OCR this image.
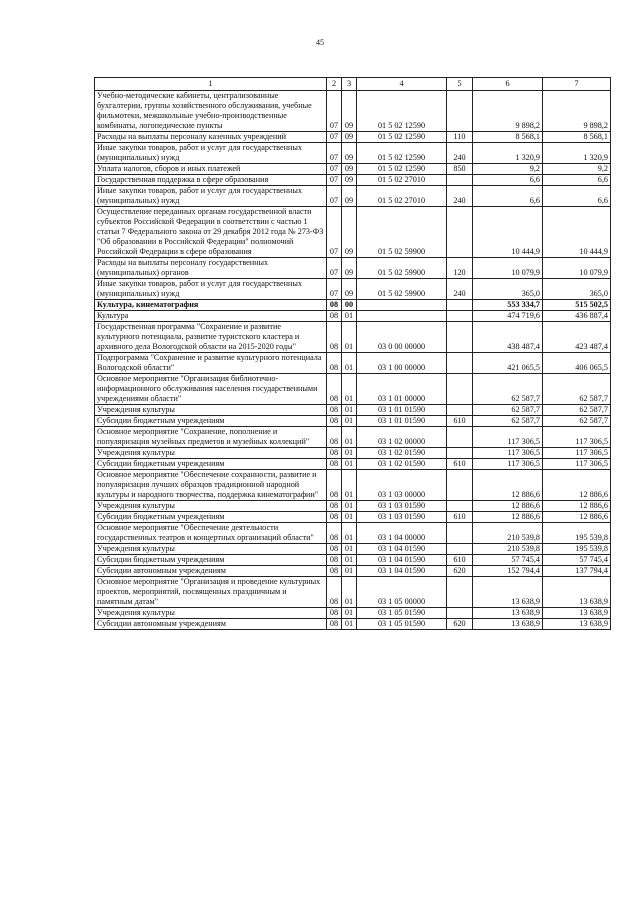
45
1	2	3	4	5	6	7
Учебно-методические кабинеты, централизованные бухгалтерии, группы хозяйственного обслуживания, учебные фильмотеки, межшкольные учебно-производственные комбинаты, логопедические пункты	07	09	01 5 02 12590		9 898,2	9 898,2
Расходы на выплаты персоналу казенных учреждений	07	09	01 5 02 12590	110	8 568,1	8 568,1
Иные закупки товаров, работ и услуг для государственных (муниципальных) нужд	07	09	01 5 02 12590	240	1 320,9	1 320,9
Уплата налогов, сборов и иных платежей	07	09	01 5 02 12590	850	9,2	9,2
Государственная поддержка в сфере образования	07	09	01 5 02 27010		6,6	6,6
Иные закупки товаров, работ и услуг для государственных (муниципальных) нужд	07	09	01 5 02 27010	240	6,6	6,6
Осуществление переданных органам государственной власти субъектов Российской Федерации в соответствии с частью 1 статьи 7 Федерального закона от 29 декабря 2012 года № 273-ФЗ "Об образовании в Российской Федерации" полномочий Российской Федерации в сфере образования	07	09	01 5 02 59900		10 444,9	10 444,9
Расходы на выплаты персоналу государственных (муниципальных) органов	07	09	01 5 02 59900	120	10 079,9	10 079,9
Иные закупки товаров, работ и услуг для государственных (муниципальных) нужд	07	09	01 5 02 59900	240	365,0	365,0
Культура, кинематография	08	00			553 334,7	515 502,5
Культура	08	01			474 719,6	436 887,4
Государственная программа "Сохранение и развитие культурного потенциала, развитие туристского кластера и архивного дела Вологодской области на 2015-2020 годы"	08	01	03 0 00 00000		438 487,4	423 487,4
Подпрограмма "Сохранение и развитие культурного потенциала Вологодской области"	08	01	03 1 00 00000		421 065,5	406 065,5
Основное мероприятие "Организация библиотечно-информационного обслуживания населения государственными учреждениями области"	08	01	03 1 01 00000		62 587,7	62 587,7
Учреждения культуры	08	01	03 1 01 01590		62 587,7	62 587,7
Субсидии бюджетным учреждениям	08	01	03 1 01 01590	610	62 587,7	62 587,7
Основное мероприятие "Сохранение, пополнение и популяризация музейных предметов и музейных коллекций"	08	01	03 1 02 00000		117 306,5	117 306,5
Учреждения культуры	08	01	03 1 02 01590		117 306,5	117 306,5
Субсидии бюджетным учреждениям	08	01	03 1 02 01590	610	117 306,5	117 306,5
Основное мероприятие "Обеспечение сохранности, развитие и популяризация лучших образцов традиционной народной культуры и народного творчества, поддержка кинематографии"	08	01	03 1 03 00000		12 886,6	12 886,6
Учреждения культуры	08	01	03 1 03 01590		12 886,6	12 886,6
Субсидии бюджетным учреждениям	08	01	03 1 03 01590	610	12 886,6	12 886,6
Основное мероприятие "Обеспечение деятельности государственных театров и концертных организаций области"	08	01	03 1 04 00000		210 539,8	195 539,8
Учреждения культуры	08	01	03 1 04 01590		210 539,8	195 539,8
Субсидии бюджетным учреждениям	08	01	03 1 04 01590	610	57 745,4	57 745,4
Субсидии автономным учреждениям	08	01	03 1 04 01590	620	152 794,4	137 794,4
Основное мероприятие "Организация и проведение культурных проектов, мероприятий, посвященных праздничным и памятным датам"	08	01	03 1 05 00000		13 638,9	13 638,9
Учреждения культуры	08	01	03 1 05 01590		13 638,9	13 638,9
Субсидии автономным учреждениям	08	01	03 1 05 01590	620	13 638,9	13 638,9
